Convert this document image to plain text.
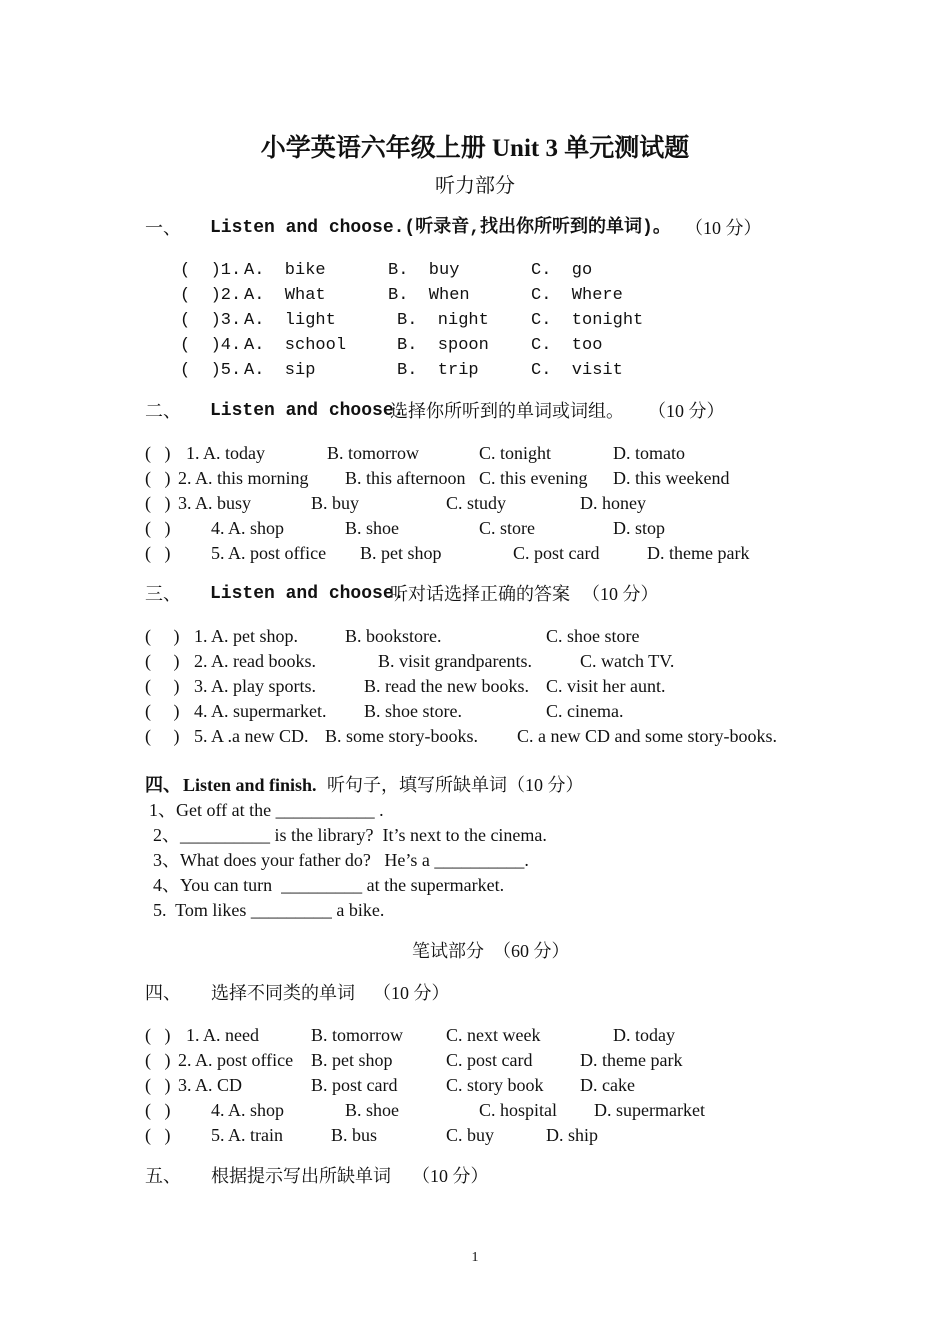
小学英语六年级上册 Unit 3 单元测试题
听力部分
一、 Listen and choose.(听录音,找出你所听到的单词)。 （10 分）
(  )1. A.  bike	B.  buy	C.  go
(  )2. A.  What	B.  When	C.  Where
(  )3. A.  light	B.  night C.  tonight
(  )4. A.  school	B.  spoon C.  too
(  )5. A.  sip	B.  trip	C.  visit
二、 Listen and choose.
选择你所听到的单词或词组。 （10 分）
(   ) 1. A. today	B. tomorrow	C. tonight	D. tomato
(   ) 2. A. this morning B. this afternoon C. this evening D. this weekend
(   ) 3. A. busy	B. buy	C. study	D. honey
(   ) 4. A. shop	B. shoe	C. store	D. stop
(   ) 5. A. post office B. pet shop	C. post card	D. theme park
三、 Listen and choose.
听对话选择正确的答案 （10 分）
(     ) 1. A. pet shop.	B. bookstore.	C. shoe store
(     ) 2. A. read books.	B. visit grandparents.	C. watch TV.
(     ) 3. A. play sports.	B. read the new books. C. visit her aunt.
(     ) 4. A. supermarket. B. shoe store.	C. cinema.
(     ) 5. A .a new CD. B. some story-books. C. a new CD and some story-books.
四、 Listen and finish. 听句子，填写所缺单词（10 分）
1、Get off at the ___________ .
2、__________ is the library?  It’s next to the cinema.
3、What does your father do?   He’s a __________.
4、You can turn  _________ at the supermarket.
5.  Tom likes _________ a bike.
笔试部分  （60 分）
四、 选择不同类的单词 （10 分）
(   ) 1. A. need	B. tomorrow C. next week	D. today
(   ) 2. A. post office B. pet shop	C. post card	D. theme park
(   ) 3. A. CD	B. post card	C. story book D. cake
(   ) 4. A. shop	B. shoe	C. hospital D. supermarket
(   ) 5. A. train	B. bus	C. buy	D. ship
五、 根据提示写出所缺单词 （10 分）
1
